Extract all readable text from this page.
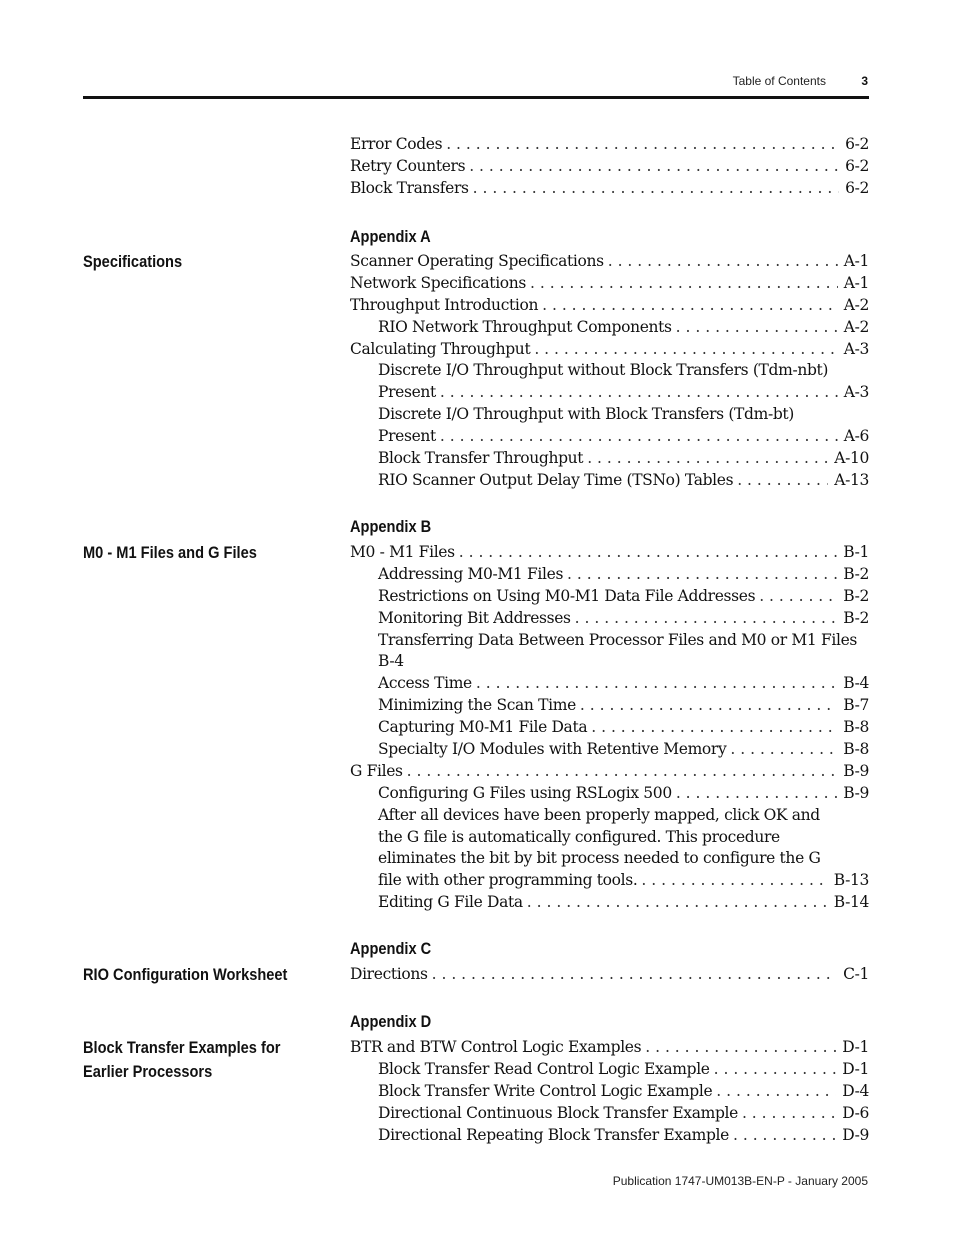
Table of Contents	3
Error Codes . . .	6-2
Retry Counters . . .	6-2
Block Transfers . . .	6-2
Appendix A
Specifications	Scanner Operating Specifications . . .	A-1
Network Specifications . . .	A-1
Throughput Introduction . . .	A-2
RIO Network Throughput Components . . .	A-2
Calculating Throughput . . .	A-3
Discrete I/O Throughput without Block Transfers (Tdm-nbt)
Present . . .	A-3
Discrete I/O Throughput with Block Transfers (Tdm-bt)
Present . . .	A-6
Block Transfer Throughput . . .	A-10
RIO Scanner Output Delay Time (TSNo) Tables . . .	A-13
Appendix B
M0 - M1 Files and G Files	M0 - M1 Files . . .	B-1
Addressing M0-M1 Files . . .	B-2
Restrictions on Using M0-M1 Data File Addresses . . .	B-2
Monitoring Bit Addresses . . .	B-2
Transferring Data Between Processor Files and M0 or M1 Files
B-4
Access Time . . .	B-4
Minimizing the Scan Time . . .	B-7
Capturing M0-M1 File Data . . .	B-8
Specialty I/O Modules with Retentive Memory . . .	B-8
G Files . . .	B-9
Configuring G Files using RSLogix 500 . . .	B-9
After all devices have been properly mapped, click OK and
the G file is automatically configured. This procedure
eliminates the bit by bit process needed to configure the G
file with other programming tools. . . .	B-13
Editing G File Data . . .	B-14
Appendix C
RIO Configuration Worksheet	Directions . . .	C-1
Appendix D
Block Transfer Examples for
Earlier Processors
BTR and BTW Control Logic Examples . . .	D-1
Block Transfer Read Control Logic Example . . .	D-1
Block Transfer Write Control Logic Example . . .	D-4
Directional Continuous Block Transfer Example . . .	D-6
Directional Repeating Block Transfer Example . . .	D-9
Publication 1747-UM013B-EN-P - January 2005
